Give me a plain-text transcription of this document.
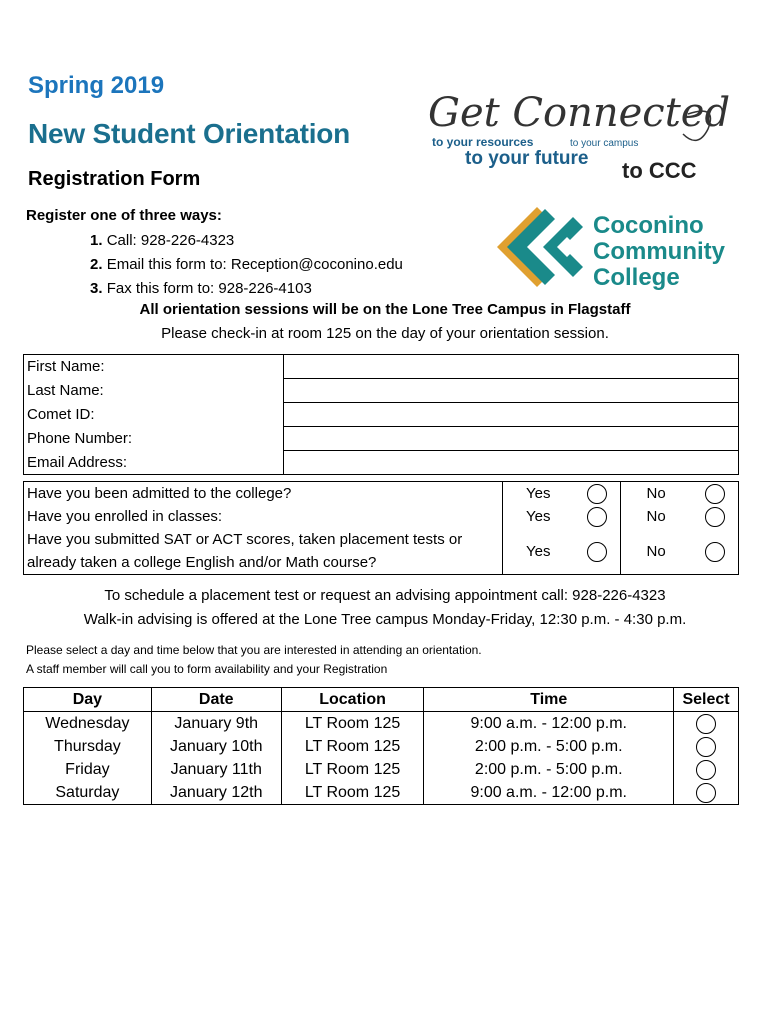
Spring 2019
New Student Orientation
Registration Form
Get Connected
to your resources	to your campus
to your future to CCC
Coconino
Community
College
Register one of three ways:
1. Call: 928-226-4323
2. Email this form to: Reception@coconino.edu
3. Fax this form to: 928-226-4103
All orientation sessions will be on the Lone Tree Campus in Flagstaff
Please check-in at room 125 on the day of your orientation session.
First Name:	
Last Name:	
Comet ID:	
Phone Number:	
Email Address:	
Have you been admitted to the college?	Yes		No	
Have you enrolled in classes:	Yes		No	
Have you submitted SAT or ACT scores, taken placement tests or already taken a college English and/or Math course?	Yes		No	
To schedule a placement test or request an advising appointment call: 928-226-4323
Walk-in advising is offered at the Lone Tree campus Monday-Friday, 12:30 p.m. - 4:30 p.m.
Please select a day and time below that you are interested in attending an orientation.
A staff member will call you to form availability and your Registration
Day	Date	Location	Time	Select
Wednesday	January 9th	LT Room 125	9:00 a.m. - 12:00 p.m.	
Thursday	January 10th	LT Room 125	2:00 p.m. - 5:00 p.m.	
Friday	January 11th	LT Room 125	2:00 p.m. - 5:00 p.m.	
Saturday	January 12th	LT Room 125	9:00 a.m. - 12:00 p.m.	
